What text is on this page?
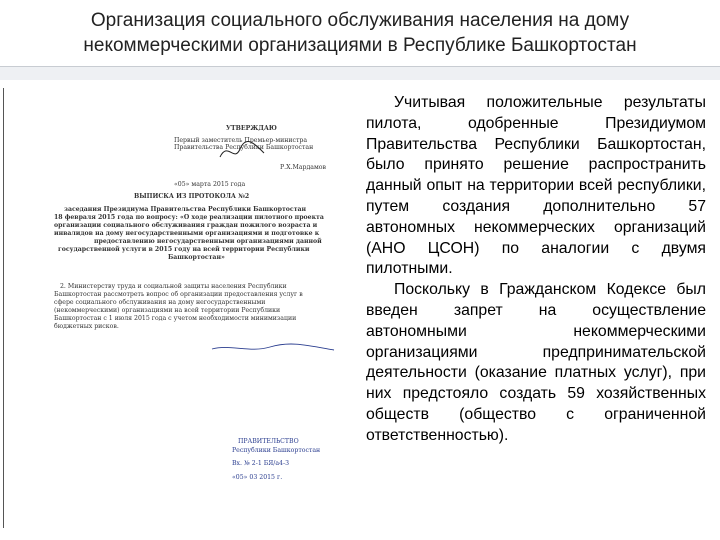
Организация социального обслуживания населения на дому
некоммерческими организациями в Республике Башкортостан
УТВЕРЖДАЮ
Первый заместитель Премьер-министра
Правительства Республики Башкортостан
Р.Х.Мардамов
«05» марта 2015 года
ВЫПИСКА ИЗ ПРОТОКОЛА №2
заседания Президиума Правительства Республики Башкортостан
18 февраля 2015 года по вопросу: «О ходе реализации пилотного проекта
организации социального обслуживания граждан пожилого возраста и
инвалидов на дому негосударственными организациями и подготовке к
предоставлению негосударственными организациями данной
государственной услуги в 2015 году на всей территории Республики
Башкортостан»
2. Министерству труда и социальной защиты населения Республики
Башкортостан рассмотреть вопрос об организации предоставления услуг в
сфере социального обслуживания на дому негосударственными
(некоммерческими) организациями на всей территории Республики
Башкортостан с 1 июля 2015 года с учетом необходимости минимизации
бюджетных рисков.
ПРАВИТЕЛЬСТВО
Республики Башкортостан
Вх. № 2-1 БЯ/а4-3
«05» 03 2015 г.

Учитывая положительные результаты пилота, одобренные Президиумом Правительства Республики Башкортостан, было принято решение распространить данный опыт на территории всей республики, путем создания дополнительно 57 автономных некоммерческих организаций (АНО ЦСОН) по аналогии с двумя пилотными.

Поскольку в Гражданском Кодексе был введен запрет на осуществление автономными некоммерческими организациями предпринимательской деятельности (оказание платных услуг), при них предстояло создать 59 хозяйственных обществ (общество с ограниченной ответственностью).
